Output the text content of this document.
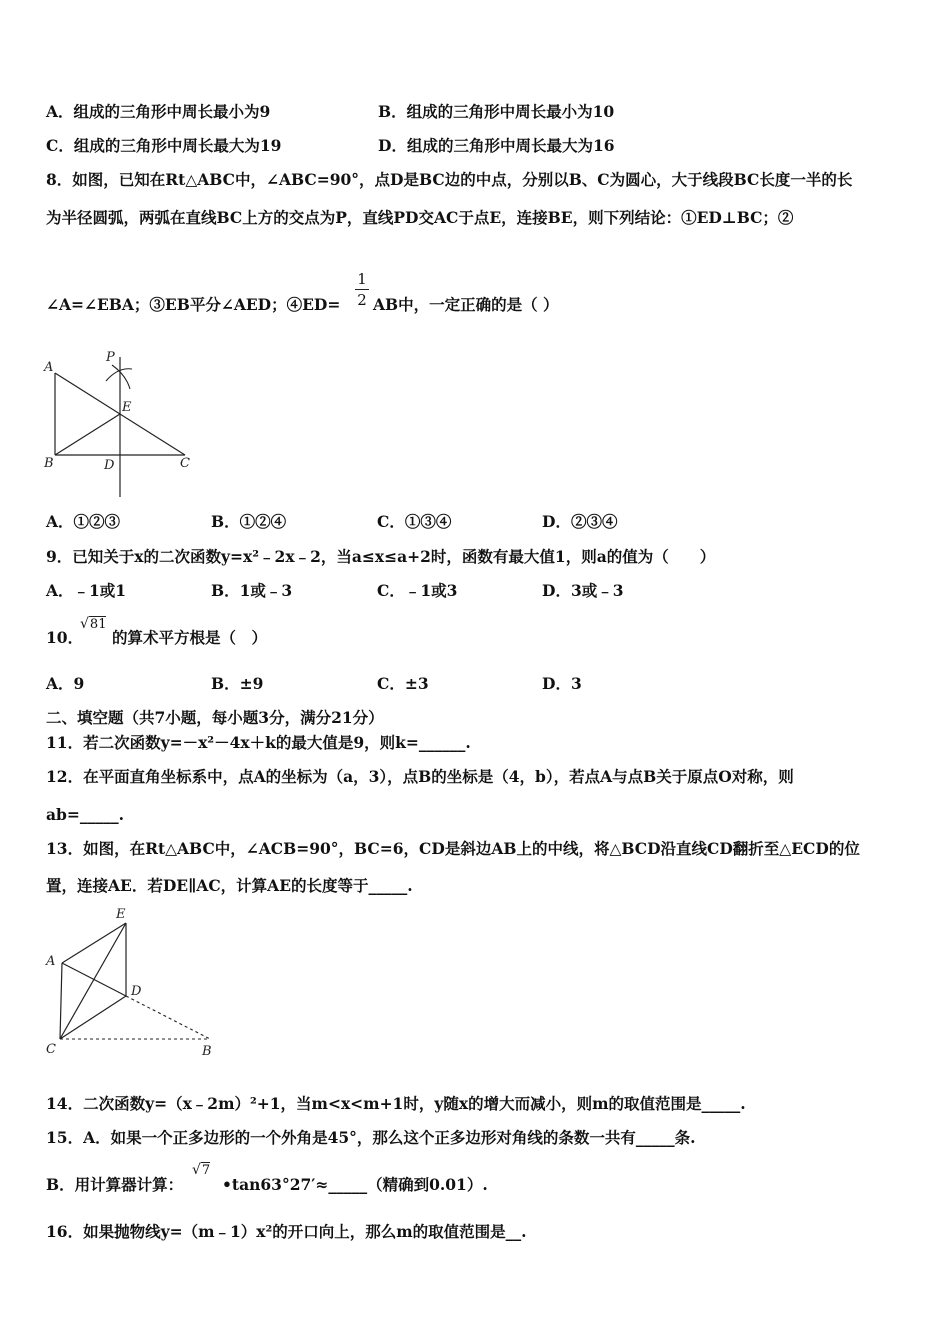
A．组成的三角形中周长最小为9	B．组成的三角形中周长最小为10
C．组成的三角形中周长最大为19	D．组成的三角形中周长最大为16
8．如图，已知在Rt△ABC中，∠ABC=90°，点D是BC边的中点，分别以B、C为圆心，大于线段BC长度一半的长
为半径圆弧，两弧在直线BC上方的交点为P，直线PD交AC于点E，连接BE，则下列结论：①ED⊥BC；②
∠A=∠EBA；③EB平分∠AED；④ED=
1
2 AB中，一定正确的是（ ）
A
B	C
D
E
P
A．①②③	B．①②④	C．①③④	D．②③④
9．已知关于x的二次函数y=x²﹣2x﹣2，当a≤x≤a+2时，函数有最大值1，则a的值为（　　）
A．﹣1或1	B．1或﹣3	C．﹣1或3	D．3或﹣3
10．
√81
的算术平方根是（　）
A．9	B．±9	C．±3	D．3
二、填空题（共7小题，每小题3分，满分21分）
11．若二次函数y=－x²－4x＋k的最大值是9，则k=______.
12．在平面直角坐标系中，点A的坐标为（a，3），点B的坐标是（4，b），若点A与点B关于原点O对称，则
ab=_____.
13．如图，在Rt△ABC中，∠ACB=90°，BC=6，CD是斜边AB上的中线，将△BCD沿直线CD翻折至△ECD的位
置，连接AE．若DE∥AC，计算AE的长度等于_____.
A
C	B
D
E
14．二次函数y=（x﹣2m）²+1，当m<x<m+1时，y随x的增大而减小，则m的取值范围是_____.
15．A．如果一个正多边形的一个外角是45°，那么这个正多边形对角线的条数一共有_____条.
B．用计算器计算：
√7
•tan63°27′≈_____（精确到0.01）.
16．如果抛物线y=（m﹣1）x²的开口向上，那么m的取值范围是__.
